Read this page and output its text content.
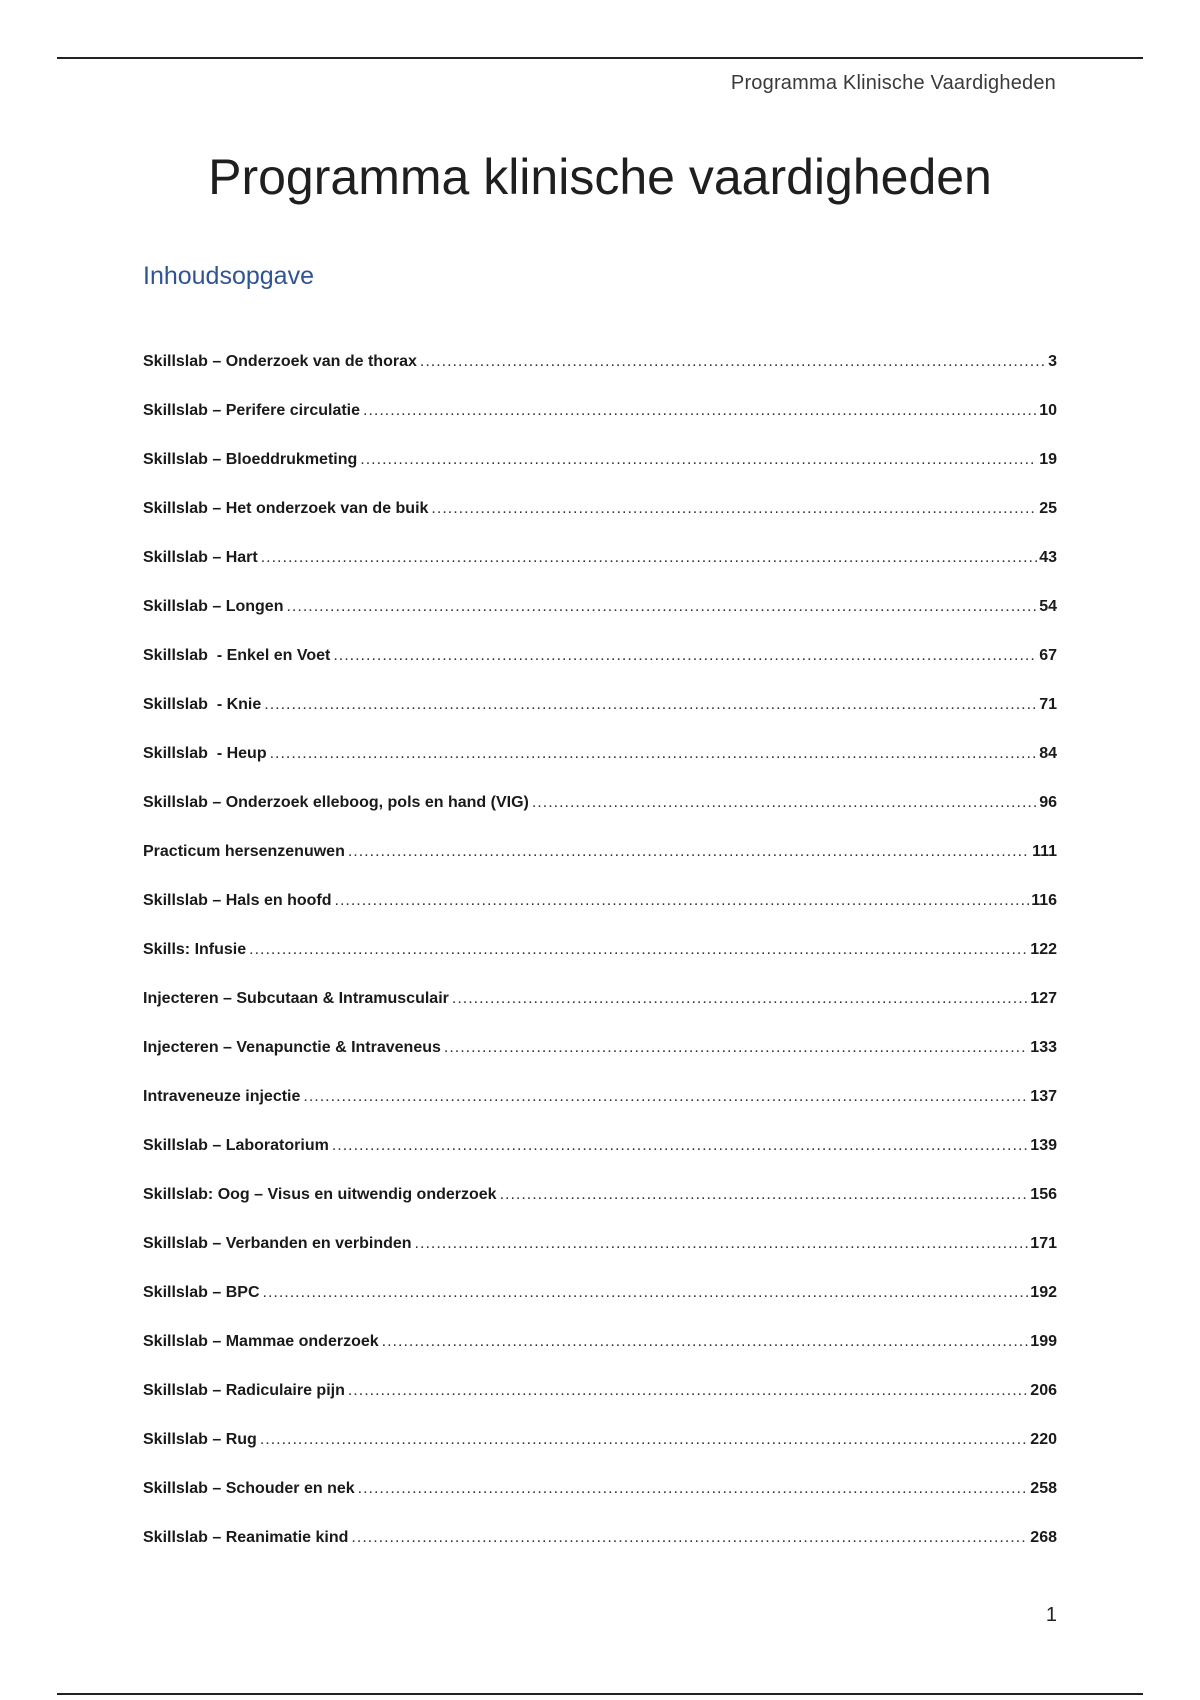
Programma Klinische Vaardigheden
Programma klinische vaardigheden
Inhoudsopgave
Skillslab – Onderzoek van de thorax .....	3
Skillslab – Perifere circulatie .....	10
Skillslab – Bloeddrukmeting .....	19
Skillslab – Het onderzoek van de buik .....	25
Skillslab – Hart .....	43
Skillslab – Longen .....	54
Skillslab  - Enkel en Voet .....	67
Skillslab  - Knie .....	71
Skillslab  - Heup .....	84
Skillslab – Onderzoek elleboog, pols en hand (VIG) .....	96
Practicum hersenzenuwen .....	111
Skillslab – Hals en hoofd .....	116
Skills: Infusie .....	122
Injecteren – Subcutaan & Intramusculair .....	127
Injecteren – Venapunctie & Intraveneus .....	133
Intraveneuze injectie .....	137
Skillslab – Laboratorium .....	139
Skillslab: Oog – Visus en uitwendig onderzoek .....	156
Skillslab – Verbanden en verbinden .....	171
Skillslab – BPC .....	192
Skillslab – Mammae onderzoek .....	199
Skillslab – Radiculaire pijn .....	206
Skillslab – Rug .....	220
Skillslab – Schouder en nek .....	258
Skillslab – Reanimatie kind .....	268
1
